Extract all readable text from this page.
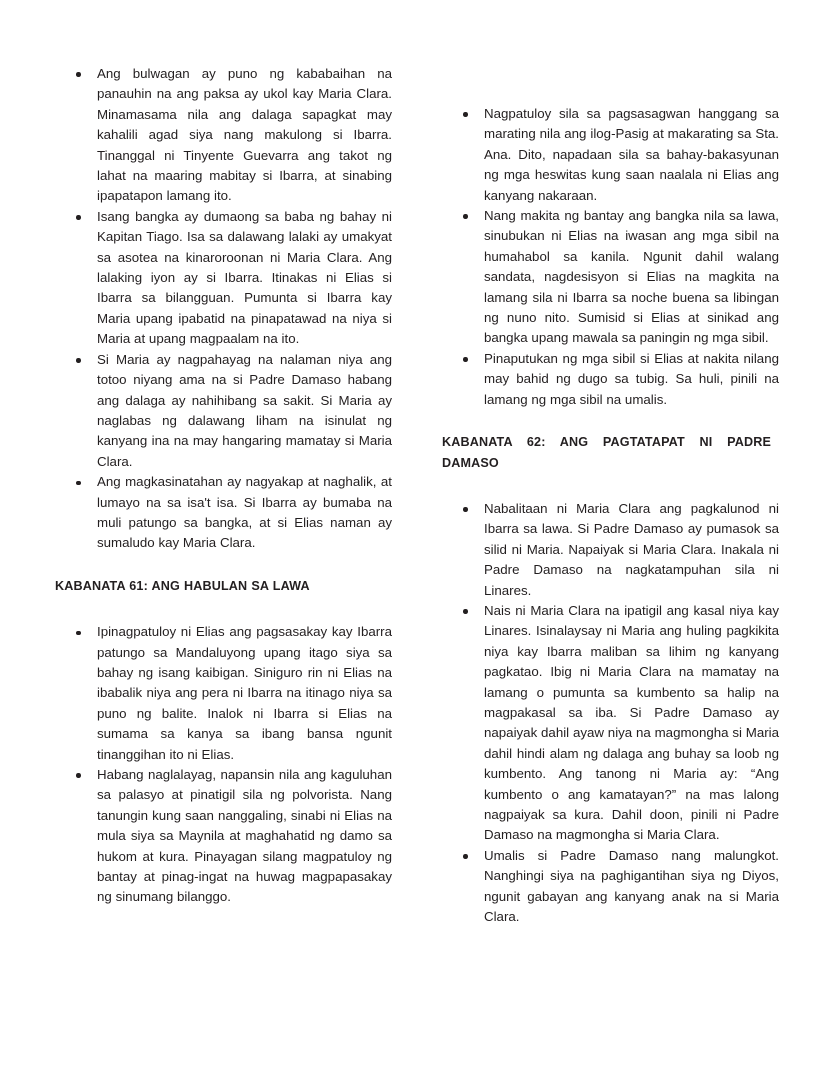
Ang bulwagan ay puno ng kababaihan na panauhin na ang paksa ay ukol kay Maria Clara. Minamasama nila ang dalaga sapagkat may kahalili agad siya nang makulong si Ibarra. Tinanggal ni Tinyente Guevarra ang takot ng lahat na maaring mabitay si Ibarra, at sinabing ipapatapon lamang ito.
Isang bangka ay dumaong sa baba ng bahay ni Kapitan Tiago. Isa sa dalawang lalaki ay umakyat sa asotea na kinaroroonan ni Maria Clara. Ang lalaking iyon ay si Ibarra. Itinakas ni Elias si Ibarra sa bilangguan. Pumunta si Ibarra kay Maria upang ipabatid na pinapatawad na niya si Maria at upang magpaalam na ito.
Si Maria ay nagpahayag na nalaman niya ang totoo niyang ama na si Padre Damaso habang ang dalaga ay nahihibang sa sakit. Si Maria ay naglabas ng dalawang liham na isinulat ng kanyang ina na may hangaring mamatay si Maria Clara.
Ang magkasinatahan ay nagyakap at naghalik, at lumayo na sa isa't isa. Si Ibarra ay bumaba na muli patungo sa bangka, at si Elias naman ay sumaludo kay Maria Clara.
KABANATA 61: ANG HABULAN SA LAWA
Ipinagpatuloy ni Elias ang pagsasakay kay Ibarra patungo sa Mandaluyong upang itago siya sa bahay ng isang kaibigan. Siniguro rin ni Elias na ibabalik niya ang pera ni Ibarra na itinago niya sa puno ng balite. Inalok ni Ibarra si Elias na sumama sa kanya sa ibang bansa ngunit tinanggihan ito ni Elias.
Habang naglalayag, napansin nila ang kaguluhan sa palasyo at pinatigil sila ng polvorista. Nang tanungin kung saan nanggaling, sinabi ni Elias na mula siya sa Maynila at maghahatid ng damo sa hukom at kura. Pinayagan silang magpatuloy ng bantay at pinag-ingat na huwag magpapasakay ng sinumang bilanggo.
Nagpatuloy sila sa pagsasagwan hanggang sa marating nila ang ilog-Pasig at makarating sa Sta. Ana. Dito, napadaan sila sa bahay-bakasyunan ng mga heswitas kung saan naalala ni Elias ang kanyang nakaraan.
Nang makita ng bantay ang bangka nila sa lawa, sinubukan ni Elias na iwasan ang mga sibil na humahabol sa kanila. Ngunit dahil walang sandata, nagdesisyon si Elias na magkita na lamang sila ni Ibarra sa noche buena sa libingan ng nuno nito. Sumisid si Elias at sinikad ang bangka upang mawala sa paningin ng mga sibil.
Pinaputukan ng mga sibil si Elias at nakita nilang may bahid ng dugo sa tubig. Sa huli, pinili na lamang ng mga sibil na umalis.
KABANATA 62: ANG PAGTATAPAT NI PADRE DAMASO
Nabalitaan ni Maria Clara ang pagkalunod ni Ibarra sa lawa. Si Padre Damaso ay pumasok sa silid ni Maria. Napaiyak si Maria Clara. Inakala ni Padre Damaso na nagkatampuhan sila ni Linares.
Nais ni Maria Clara na ipatigil ang kasal niya kay Linares. Isinalaysay ni Maria ang huling pagkikita niya kay Ibarra maliban sa lihim ng kanyang pagkatao. Ibig ni Maria Clara na mamatay na lamang o pumunta sa kumbento sa halip na magpakasal sa iba. Si Padre Damaso ay napaiyak dahil ayaw niya na magmongha si Maria dahil hindi alam ng dalaga ang buhay sa loob ng kumbento. Ang tanong ni Maria ay: “Ang kumbento o ang kamatayan?” na mas lalong nagpaiyak sa kura. Dahil doon, pinili ni Padre Damaso na magmongha si Maria Clara.
Umalis si Padre Damaso nang malungkot. Nanghingi siya na paghigantihan siya ng Diyos, ngunit gabayan ang kanyang anak na si Maria Clara.
